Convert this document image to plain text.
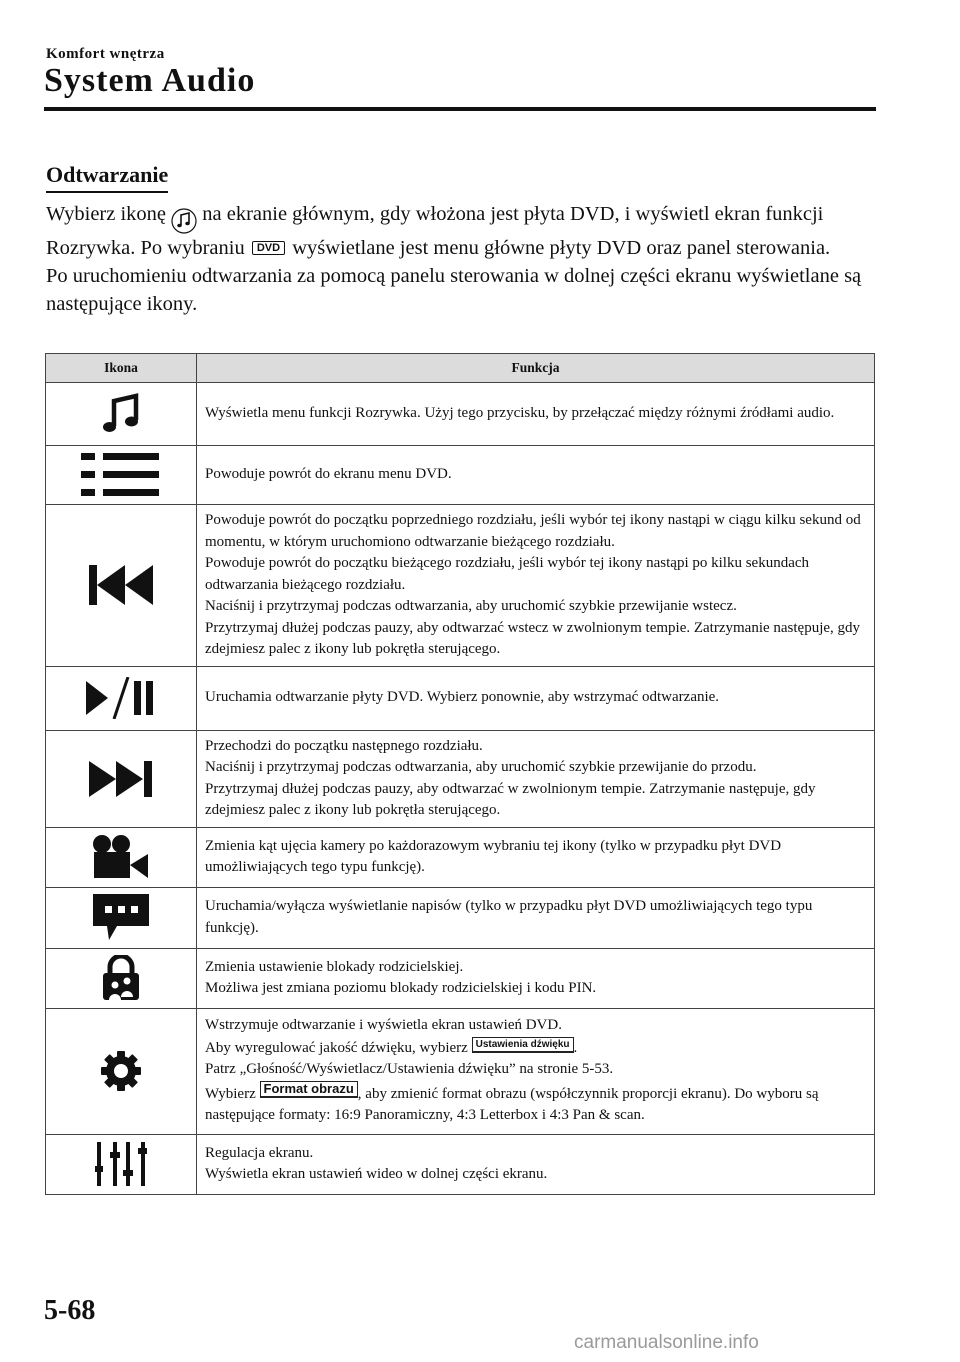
Komfort wnętrza
System Audio
Odtwarzanie

Wybierz ikonę na ekranie głównym, gdy włożona jest płyta DVD, i wyświetl ekran funkcji Rozrywka. Po wybraniu DVD wyświetlane jest menu główne płyty DVD oraz panel sterowania.

Po uruchomieniu odtwarzania za pomocą panelu sterowania w dolnej części ekranu wyświetlane są następujące ikony.

Ikona	Funkcja

Wyświetla menu funkcji Rozrywka. Użyj tego przycisku, by przełączać między różnymi źródłami audio.

Powoduje powrót do ekranu menu DVD.

Powoduje powrót do początku poprzedniego rozdziału, jeśli wybór tej ikony nastąpi w ciągu kilku sekund od momentu, w którym uruchomiono odtwarzanie bieżącego rozdziału.
Powoduje powrót do początku bieżącego rozdziału, jeśli wybór tej ikony nastąpi po kilku sekundach odtwarzania bieżącego rozdziału.
Naciśnij i przytrzymaj podczas odtwarzania, aby uruchomić szybkie przewijanie wstecz.
Przytrzymaj dłużej podczas pauzy, aby odtwarzać wstecz w zwolnionym tempie. Zatrzymanie następuje, gdy zdejmiesz palec z ikony lub pokrętła sterującego.

Uruchamia odtwarzanie płyty DVD. Wybierz ponownie, aby wstrzymać odtwarzanie.

Przechodzi do początku następnego rozdziału.
Naciśnij i przytrzymaj podczas odtwarzania, aby uruchomić szybkie przewijanie do przodu.
Przytrzymaj dłużej podczas pauzy, aby odtwarzać w zwolnionym tempie. Zatrzymanie następuje, gdy zdejmiesz palec z ikony lub pokrętła sterującego.

Zmienia kąt ujęcia kamery po każdorazowym wybraniu tej ikony (tylko w przypadku płyt DVD umożliwiających tego typu funkcję).

Uruchamia/wyłącza wyświetlanie napisów (tylko w przypadku płyt DVD umożliwiających tego typu funkcję).

Zmienia ustawienie blokady rodzicielskiej.
Możliwa jest zmiana poziomu blokady rodzicielskiej i kodu PIN.

Wstrzymuje odtwarzanie i wyświetla ekran ustawień DVD.
Aby wyregulować jakość dźwięku, wybierz Ustawienia dźwięku .
Patrz „Głośność/Wyświetlacz/Ustawienia dźwięku” na stronie 5-53.
Wybierz Format obrazu , aby zmienić format obrazu (współczynnik proporcji ekranu). Do wyboru są następujące formaty: 16:9 Panoramiczny, 4:3 Letterbox i 4:3 Pan & scan.

Regulacja ekranu.
Wyświetla ekran ustawień wideo w dolnej części ekranu.
5-68
carmanualsonline.info
